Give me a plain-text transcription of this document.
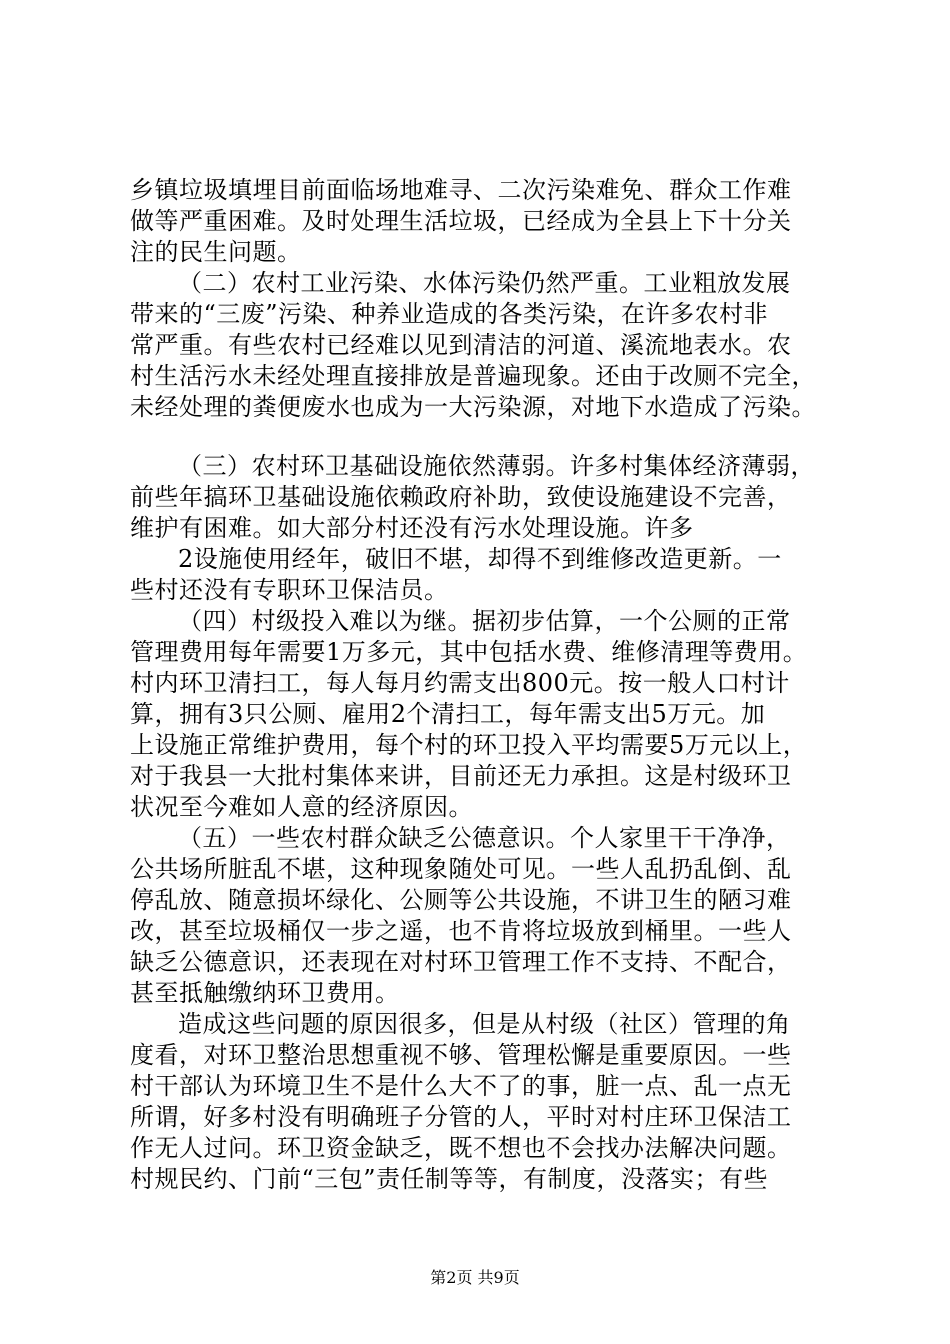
乡镇垃圾填埋目前面临场地难寻、二次污染难免、群众工作难
做等严重困难。及时处理生活垃圾，已经成为全县上下十分关
注的民生问题。
（二）农村工业污染、水体污染仍然严重。工业粗放发展
带来的“三废”污染、种养业造成的各类污染，在许多农村非
常严重。有些农村已经难以见到清洁的河道、溪流地表水。农
村生活污水未经处理直接排放是普遍现象。还由于改厕不完全，
未经处理的粪便废水也成为一大污染源，对地下水造成了污染。
（三）农村环卫基础设施依然薄弱。许多村集体经济薄弱，
前些年搞环卫基础设施依赖政府补助，致使设施建设不完善，
维护有困难。如大部分村还没有污水处理设施。许多
2设施使用经年，破旧不堪，却得不到维修改造更新。一
些村还没有专职环卫保洁员。
（四）村级投入难以为继。据初步估算，一个公厕的正常
管理费用每年需要1万多元，其中包括水费、维修清理等费用。
村内环卫清扫工，每人每月约需支出800元。按一般人口村计
算，拥有3只公厕、雇用2个清扫工，每年需支出5万元。加
上设施正常维护费用，每个村的环卫投入平均需要5万元以上，
对于我县一大批村集体来讲，目前还无力承担。这是村级环卫
状况至今难如人意的经济原因。
（五）一些农村群众缺乏公德意识。个人家里干干净净，
公共场所脏乱不堪，这种现象随处可见。一些人乱扔乱倒、乱
停乱放、随意损坏绿化、公厕等公共设施，不讲卫生的陋习难
改，甚至垃圾桶仅一步之遥，也不肯将垃圾放到桶里。一些人
缺乏公德意识，还表现在对村环卫管理工作不支持、不配合，
甚至抵触缴纳环卫费用。
造成这些问题的原因很多，但是从村级（社区）管理的角
度看，对环卫整治思想重视不够、管理松懈是重要原因。一些
村干部认为环境卫生不是什么大不了的事，脏一点、乱一点无
所谓，好多村没有明确班子分管的人，平时对村庄环卫保洁工
作无人过问。环卫资金缺乏，既不想也不会找办法解决问题。
村规民约、门前“三包”责任制等等，有制度，没落实；有些
第2页 共9页
